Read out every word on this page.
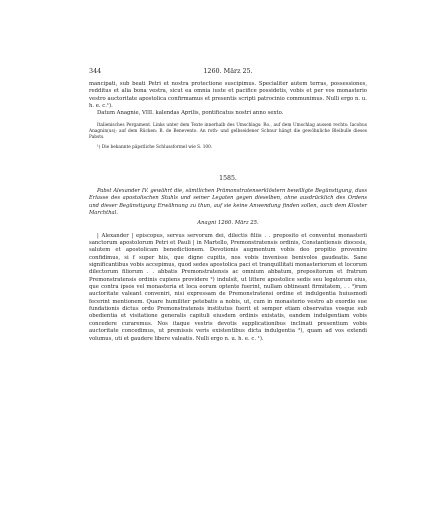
344	1260. März 25.

mancipati, sub beati Petri et nostra protectione suscipimus. Specialiter autem terras, possessiones, redditus et alia bona vestra, sicut ea omnia iuste et pacifice possidetis, vobis et per vos monasterio vestro auctoritate apostolica confirmamus et presentis scripti patrocinio communimus. Nulli ergo n. u. h. e. c.¹).

Datum Anagnie, VIII. kalendas Aprilis, pontificatus nostri anno sexto.

Italienisches Pergament. Links unter dem Texte innerhalb des Umschlags: Ro., auf dem Umschlag aussen rechts: Iacobus Anagnin(us); auf dem Rücken: B. de Benevento. An roth- und gelbseidener Schnur hängt die gewöhnliche Bleibulle dieses Pabsts.

¹) Die bekannte päpstliche Schlussformel wie S. 100.

1585.

Pabst Alexander IV. gewährt die, sämtlichen Prämonstratenserklöstern bewilligte Begünstigung, dass Erlasse des apostolischen Stuhls und seiner Legaten gegen dieselben, ohne ausdrücklich des Ordens und dieser Begünstigung Erwähnung zu thun, auf sie keine Anwendung finden sollen, auch dem Kloster Marchthal.

Anagni 1260. März 25.

| Alexander | episcopus, servus servorum dei, dilectis filiis . . preposito et conventui monasterii sanctorum apostolorum Petri et Pauli | in Martello, Premonstratensis ordinis, Constantiensis diocesis, salutem et apostolicam benedictionem. Devotionis augmentum vobis deo propitio provenire confidimus, si f super hiis, que digne cupitis, nos vobis invenisse benivolos gaudeatis. Sane significantibus vobis accepimus, quod sedes apostolica paci et tranquillitati monasteriorum et locorum dilectorum filiorum . . abbatis Premonstratensis ac omnium abbatum, prepositorum et fratrum Premonstratensis ordinis cupiens providere ²) indulsit, ut littere apostolice sedis seu legatorum eius, que contra ipsos vel monasteria et loca eorum optente fuerint, nullam obtineant firmitatem, . . ³)rum auctoritate valeant conveniri, nisi expressam de Premonstratensi ordine et indulgentia huiusmodi fecerint mentionem. Quare humiliter petebatis a nobis, ut, cum in monasterio vestro ab exordio sue fundationis dictus ordo Premonstratensis institutus fuerit et semper etiam observatus vosque sub obedientia et visitatione generalis capituli eiusdem ordinis existatis, eandem indulgentiam vobis concedere curaremus. Nos itaque vestris devotis supplicationibus inclinati presentium vobis auctoritate concedimus, ut premissis veris existentibus dicta indulgentia ³), quam ad vos extendi volumus, uti et gaudere libere valeatis. Nulli ergo n. u. h. e. c. ¹).
